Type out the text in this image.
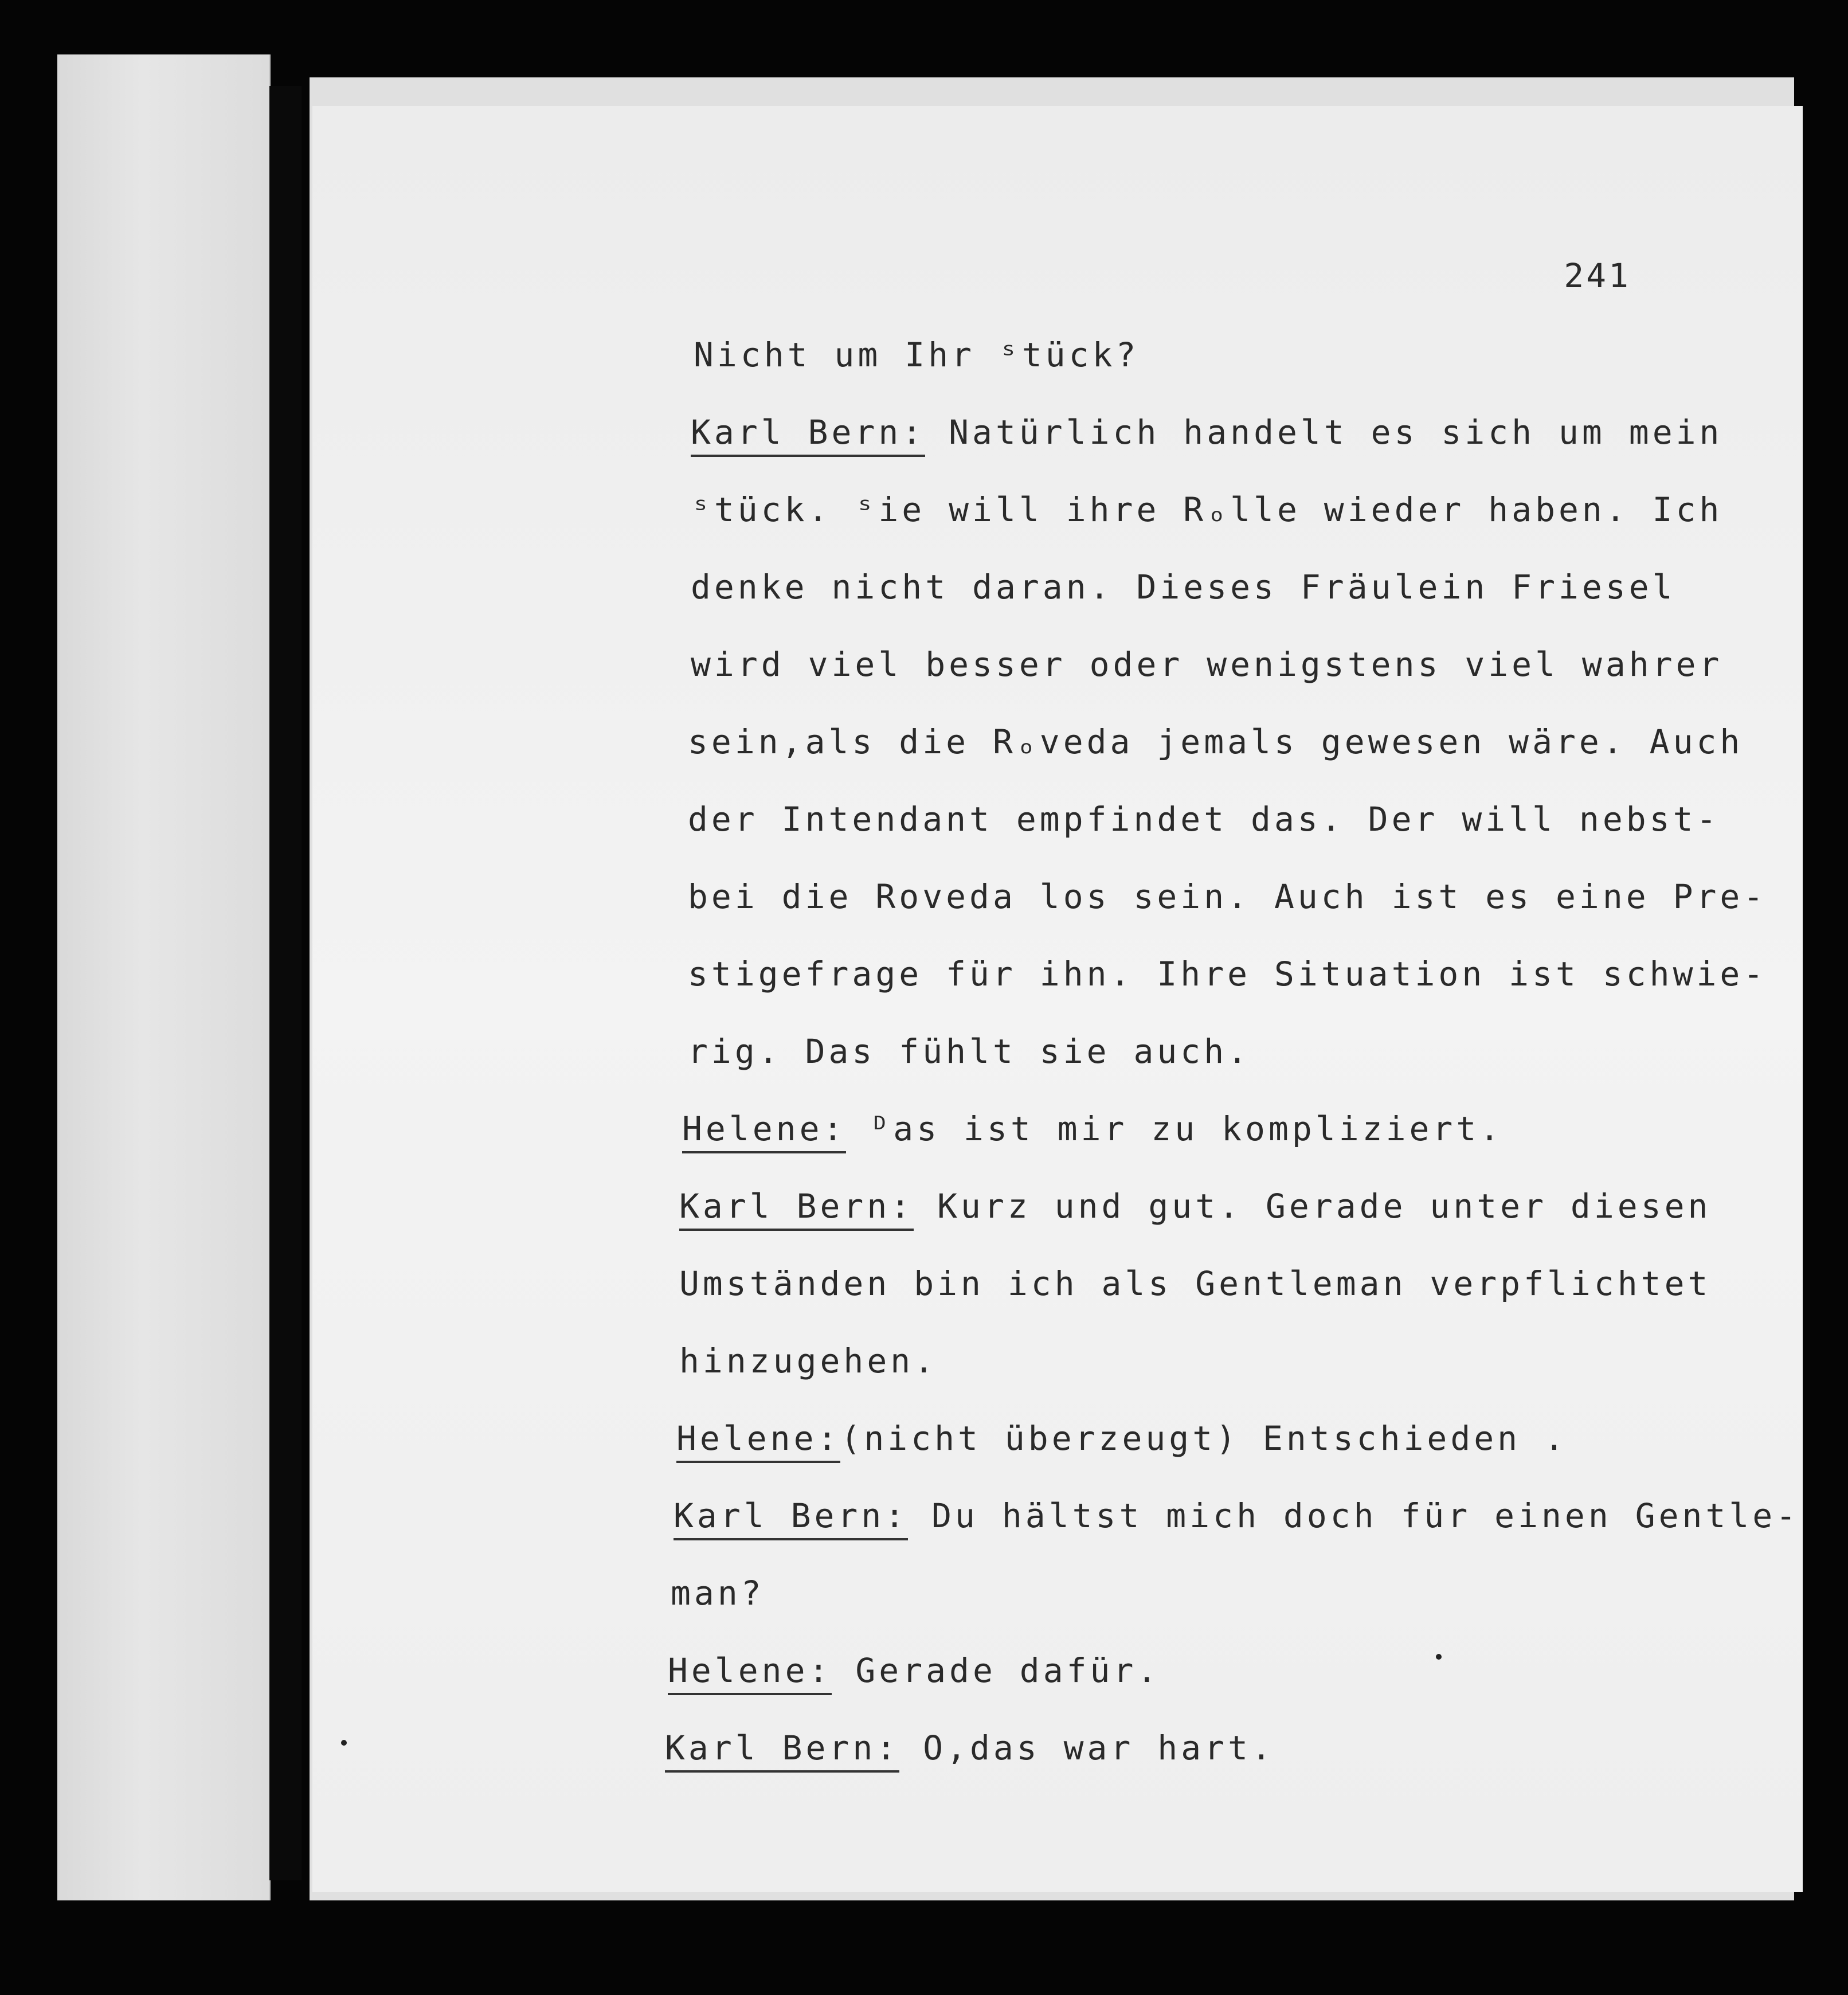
241
Nicht um Ihr ˢtück?
Karl Bern: Natürlich handelt es sich um mein
ˢtück. ˢie will ihre Rₒlle wieder haben. Ich
denke nicht daran. Dieses Fräulein Friesel
wird viel besser oder wenigstens viel wahrer
sein,als die Rₒveda jemals gewesen wäre. Auch
der Intendant empfindet das. Der will nebst-
bei die Roveda los sein. Auch ist es eine Pre-
stigefrage für ihn. Ihre Situation ist schwie-
rig. Das fühlt sie auch.
Helene: ᴰas ist mir zu kompliziert.
Karl Bern: Kurz und gut. Gerade unter diesen
Umständen bin ich als Gentleman verpflichtet
hinzugehen.
Helene:(nicht überzeugt) Entschieden .
Karl Bern: Du hältst mich doch für einen Gentle-
man?
Helene: Gerade dafür.
Karl Bern: O,das war hart.
